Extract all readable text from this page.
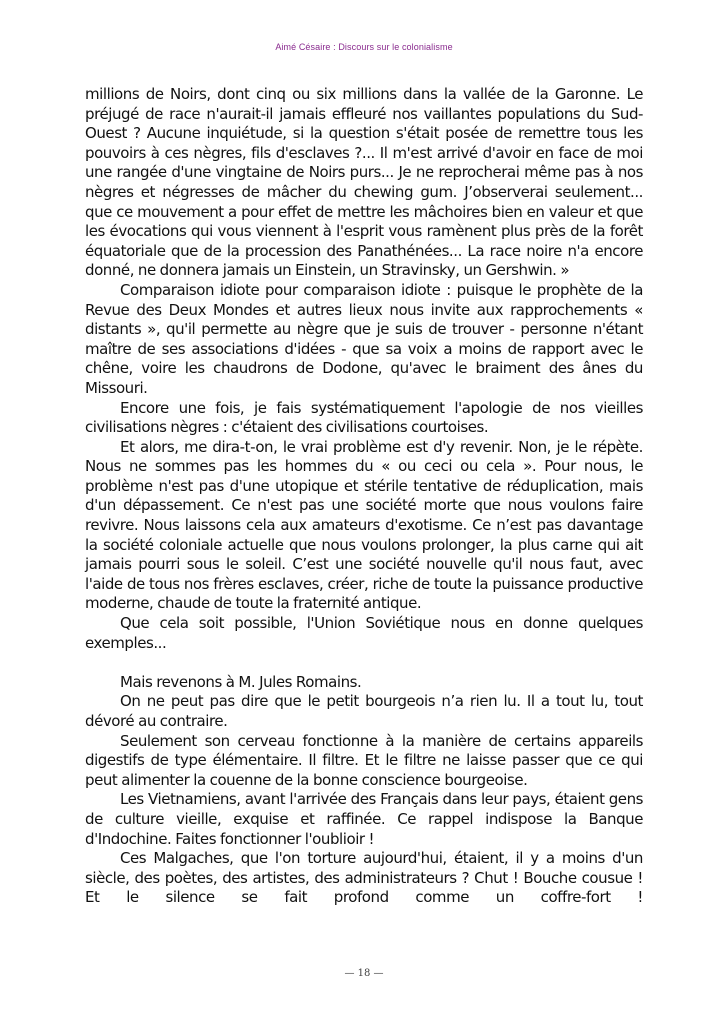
Aimé Césaire : Discours sur le colonialisme

millions de Noirs, dont cinq ou six millions dans la vallée de la Garonne. Le préjugé de race n'aurait-il jamais effleuré nos vaillantes populations du Sud-Ouest ? Aucune inquiétude, si la question s'était posée de remettre tous les pouvoirs à ces nègres, fils d'esclaves ?... Il m'est arrivé d'avoir en face de moi une rangée d'une vingtaine de Noirs purs... Je ne reprocherai même pas à nos nègres et négresses de mâcher du chewing gum. J’observerai seulement... que ce mouvement a pour effet de mettre les mâchoires bien en valeur et que les évocations qui vous viennent à l'esprit vous ramènent plus près de la forêt équatoriale que de la procession des Panathénées... La race noire n'a encore donné, ne donnera jamais un Einstein, un Stravinsky, un Gershwin. »

Comparaison idiote pour comparaison idiote : puisque le prophète de la Revue des Deux Mondes et autres lieux nous invite aux rapprochements « distants », qu'il permette au nègre que je suis de trouver - personne n'étant maître de ses associations d'idées - que sa voix a moins de rapport avec le chêne, voire les chaudrons de Dodone, qu'avec le braiment des ânes du Missouri.

Encore une fois, je fais systématiquement l'apologie de nos vieilles civilisations nègres : c'étaient des civilisations courtoises.

Et alors, me dira-t-on, le vrai problème est d'y revenir. Non, je le répète. Nous ne sommes pas les hommes du « ou ceci ou cela ». Pour nous, le problème n'est pas d'une utopique et stérile tentative de réduplication, mais d'un dépassement. Ce n'est pas une société morte que nous voulons faire revivre. Nous laissons cela aux amateurs d'exotisme. Ce n’est pas davantage la société coloniale actuelle que nous voulons prolonger, la plus carne qui ait jamais pourri sous le soleil. C’est une société nouvelle qu'il nous faut, avec l'aide de tous nos frères esclaves, créer, riche de toute la puissance productive moderne, chaude de toute la fraternité antique.

Que cela soit possible, l'Union Soviétique nous en donne quelques exemples...

Mais revenons à M. Jules Romains.

On ne peut pas dire que le petit bourgeois n’a rien lu. Il a tout lu, tout dévoré au contraire.

Seulement son cerveau fonctionne à la manière de certains appareils digestifs de type élémentaire. Il filtre. Et le filtre ne laisse passer que ce qui peut alimenter la couenne de la bonne conscience bourgeoise.

Les Vietnamiens, avant l'arrivée des Français dans leur pays, étaient gens de culture vieille, exquise et raffinée. Ce rappel indispose la Banque d'Indochine. Faites fonctionner l'oublioir !

Ces Malgaches, que l'on torture aujourd'hui, étaient, il y a moins d'un siècle, des poètes, des artistes, des administrateurs ? Chut ! Bouche cousue ! Et le silence se fait profond comme un coffre-fort !

— 18 —
